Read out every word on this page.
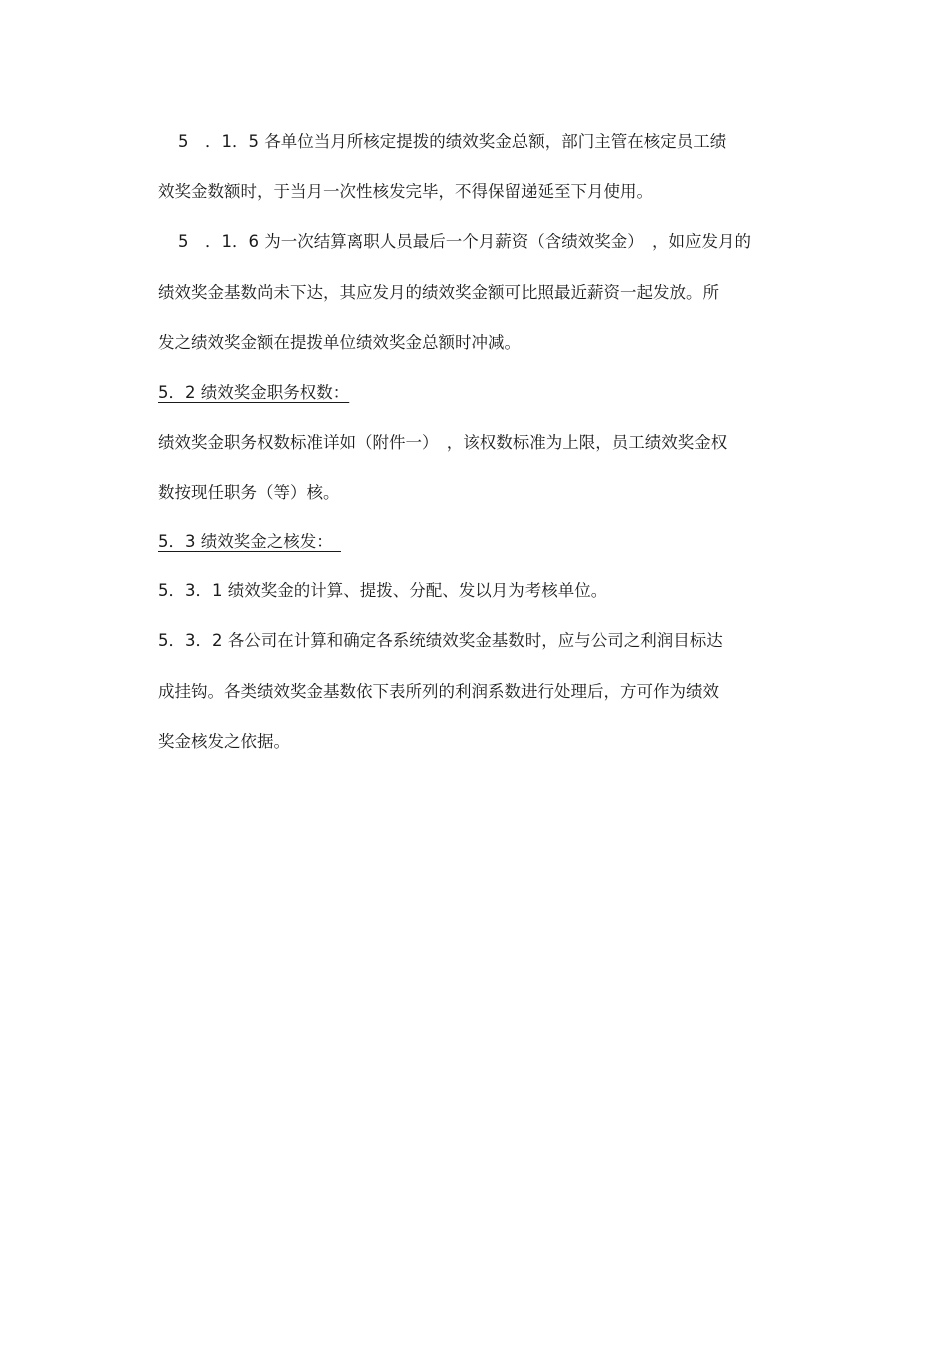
5　．1．5 各单位当月所核定提拨的绩效奖金总额，部门主管在核定员工绩
效奖金数额时，于当月一次性核发完毕，不得保留递延至下月使用。
5　．1．6 为一次结算离职人员最后一个月薪资（含绩效奖金）　，如应发月的
绩效奖金基数尚未下达，其应发月的绩效奖金额可比照最近薪资一起发放。所
发之绩效奖金额在提拨单位绩效奖金总额时冲减。
5．2 绩效奖金职务权数：
绩效奖金职务权数标准详如（附件一）　，该权数标准为上限，员工绩效奖金权
数按现任职务（等）核。
5．3 绩效奖金之核发：　
5．3．1 绩效奖金的计算、提拨、分配、发以月为考核单位。
5．3．2 各公司在计算和确定各系统绩效奖金基数时，应与公司之利润目标达
成挂钩。各类绩效奖金基数依下表所列的利润系数进行处理后，方可作为绩效
奖金核发之依据。
